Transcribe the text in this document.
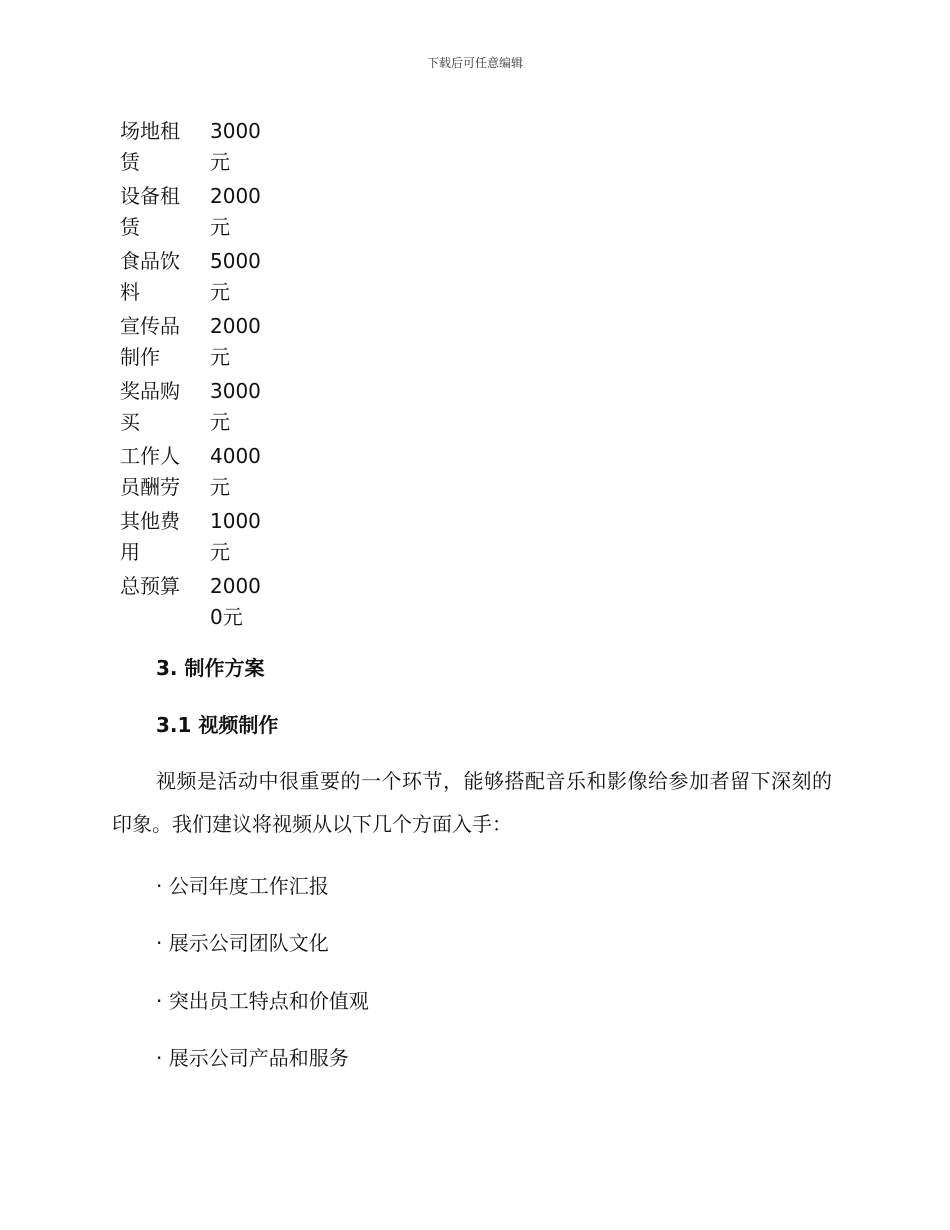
下载后可任意编辑
场地租赁	3000元
设备租赁	2000元
食品饮料	5000元
宣传品制作	2000元
奖品购买	3000元
工作人员酬劳	4000元
其他费用	1000元
总预算	20000元
3. 制作方案
3.1 视频制作
视频是活动中很重要的一个环节，能够搭配音乐和影像给参加者留下深刻的印象。我们建议将视频从以下几个方面入手：
· 公司年度工作汇报
· 展示公司团队文化
· 突出员工特点和价值观
· 展示公司产品和服务
